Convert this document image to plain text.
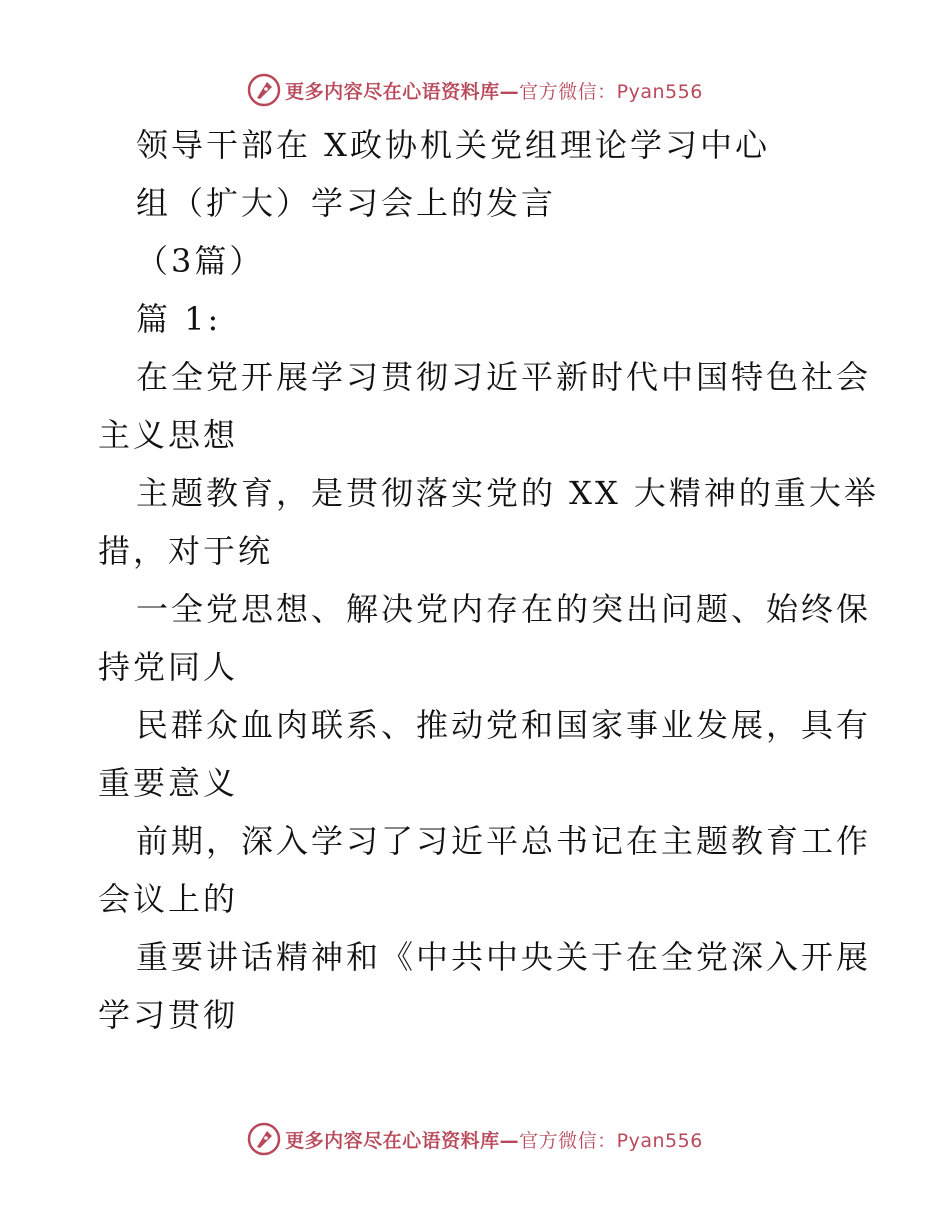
更多内容尽在心语资料库—官方微信：Pyan556
领导干部在 X政协机关党组理论学习中心
组（扩大）学习会上的发言
（3篇）
篇 1:
在全党开展学习贯彻习近平新时代中国特色社会
主义思想
主题教育，是贯彻落实党的 XX 大精神的重大举
措，对于统
一全党思想、解决党内存在的突出问题、始终保
持党同人
民群众血肉联系、推动党和国家事业发展，具有
重要意义
前期，深入学习了习近平总书记在主题教育工作
会议上的
重要讲话精神和《中共中央关于在全党深入开展
学习贯彻
更多内容尽在心语资料库—官方微信：Pyan556
